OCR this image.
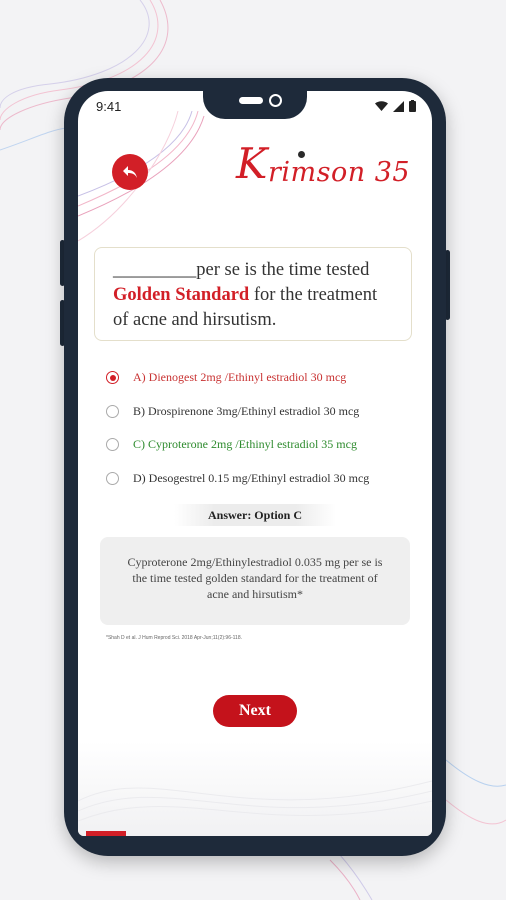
9:41
K rimson 35
_________per se is the time tested Golden Standard for the treatment of acne and hirsutism.
A) Dienogest 2mg /Ethinyl estradiol 30 mcg
B) Drospirenone 3mg/Ethinyl estradiol 30 mcg
C) Cyproterone 2mg /Ethinyl estradiol 35 mcg
D) Desogestrel 0.15 mg/Ethinyl estradiol 30 mcg
Answer: Option C
Cyproterone 2mg/Ethinylestradiol 0.035 mg per se is the time tested golden standard for the treatment of acne and hirsutism*
*Shah D et al. J Hum Reprod Sci. 2018 Apr-Jun;11(2):96-118.
Next
